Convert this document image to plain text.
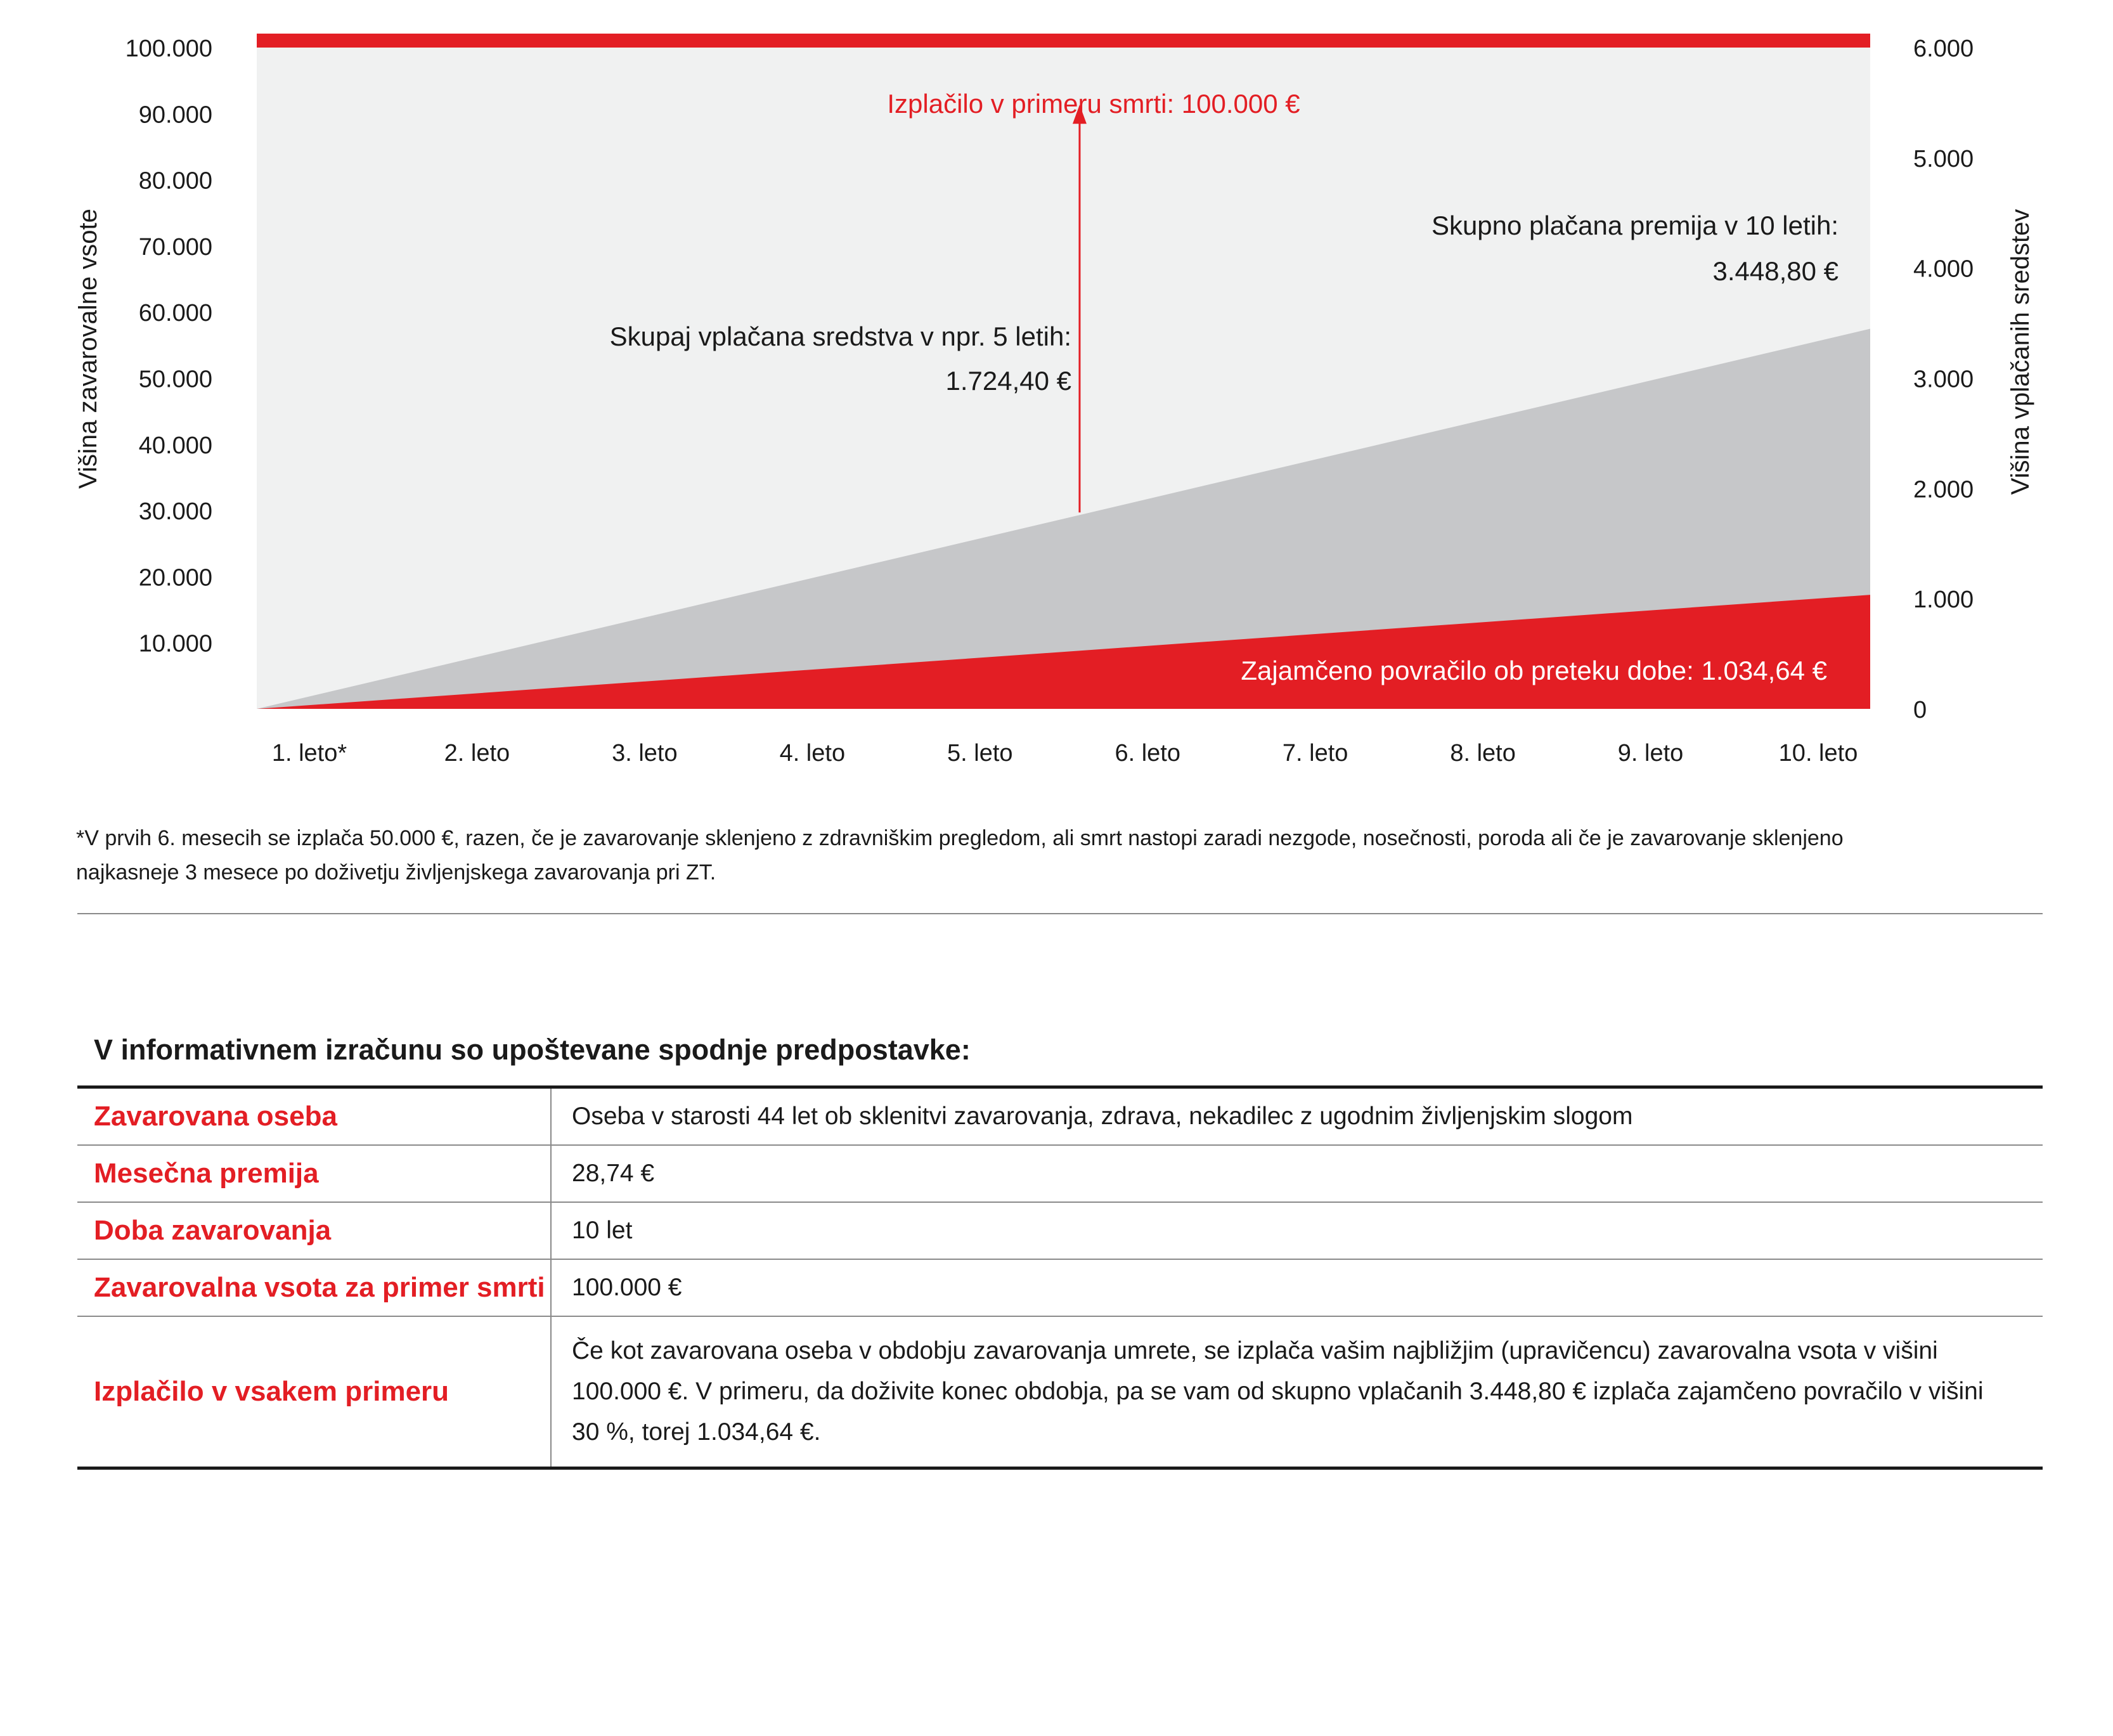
100.000
90.000
80.000
70.000
60.000
50.000
40.000
30.000
20.000
10.000
6.000
5.000
4.000
3.000
2.000
1.000
0
1. leto*	2. leto	3. leto	4. leto	5. leto	6. leto	7. leto	8. leto	9. leto	10. leto
Višina zavarovalne vsote	Višina vplačanih sredstev
Izplačilo v primeru smrti: 100.000 €
Skupaj vplačana sredstva v npr. 5 letih:
1.724,40 €
Skupno plačana premija v 10 letih:
3.448,80 €
Zajamčeno povračilo ob preteku dobe: 1.034,64 €
*V prvih 6. mesecih se izplača 50.000 €, razen, če je zavarovanje sklenjeno z zdravniškim pregledom, ali smrt nastopi zaradi nezgode, nosečnosti, poroda ali če je zavarovanje sklenjeno
najkasneje 3 mesece po doživetju življenjskega zavarovanja pri ZT.
V informativnem izračunu so upoštevane spodnje predpostavke:
Zavarovana oseba	Oseba v starosti 44 let ob sklenitvi zavarovanja, zdrava, nekadilec z ugodnim življenjskim slogom
Mesečna premija	28,74 €
Doba zavarovanja	10 let
Zavarovalna vsota za primer smrti	100.000 €
Izplačilo v vsakem primeru	Če kot zavarovana oseba v obdobju zavarovanja umrete, se izplača vašim najbližjim (upravičencu) zavarovalna vsota v višini 100.000 €. V primeru, da doživite konec obdobja, pa se vam od skupno vplačanih 3.448,80 € izplača zajamčeno povračilo v višini 30 %, torej 1.034,64 €.
